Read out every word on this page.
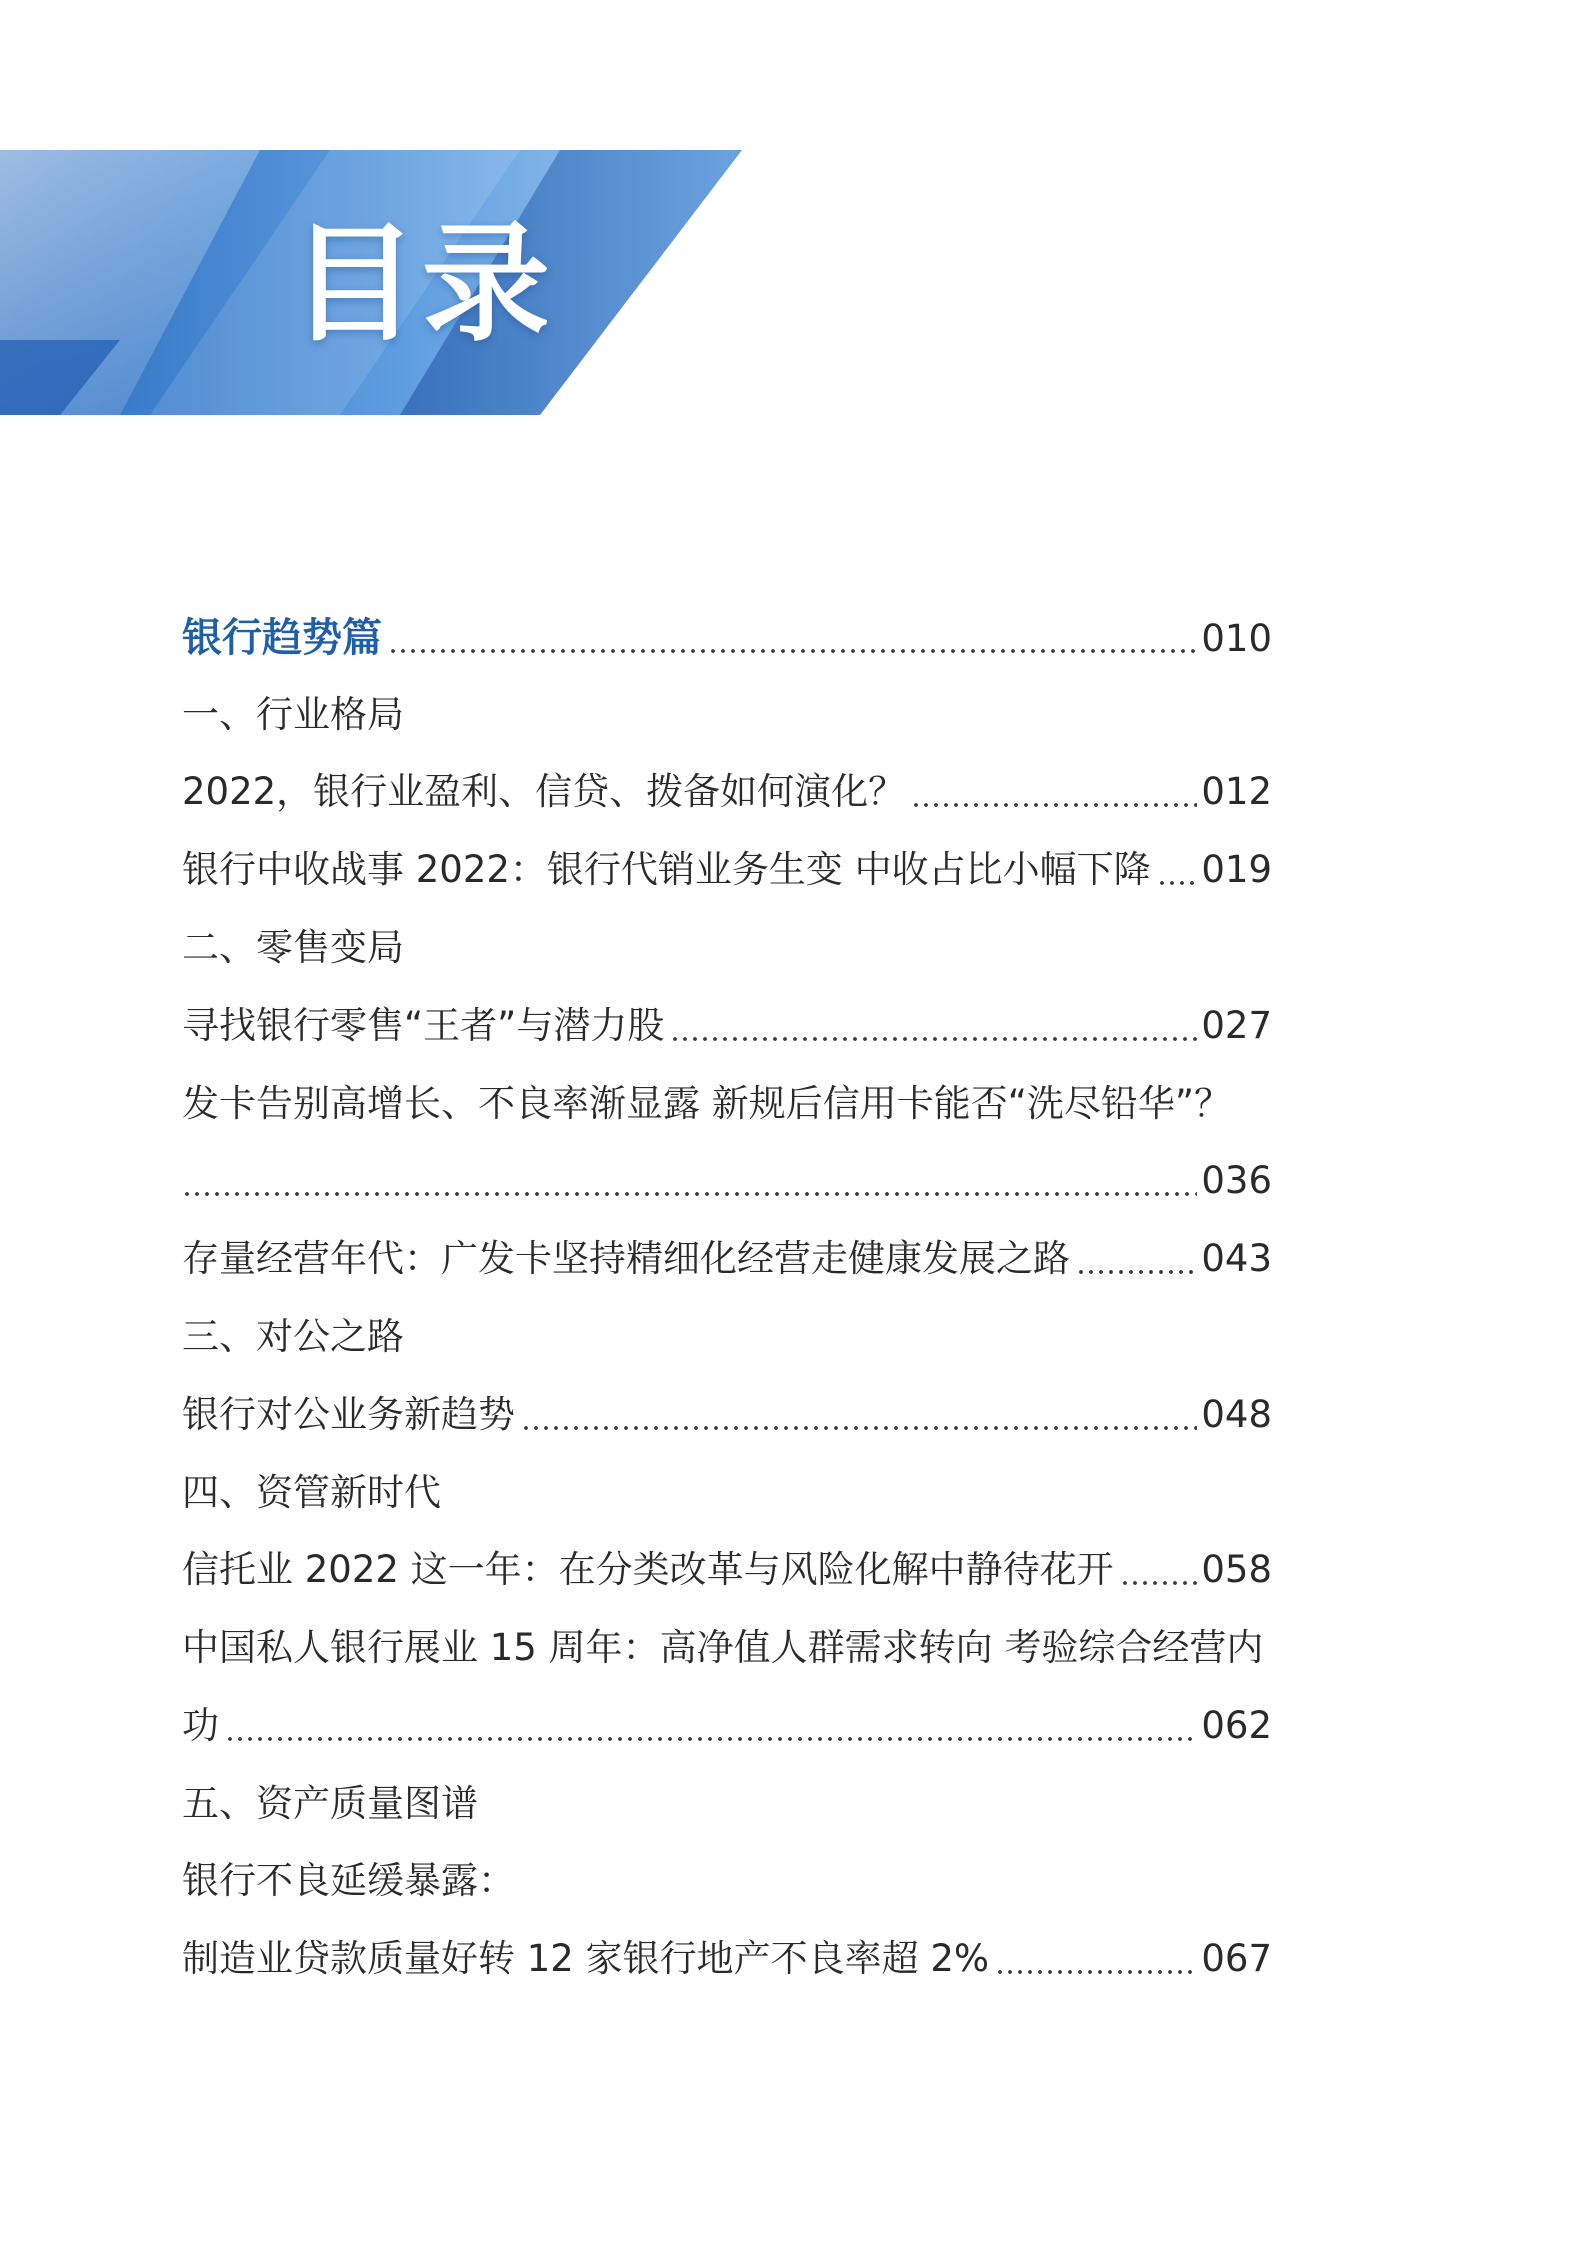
目录
银行趋势篇	010
一、行业格局
2022，银行业盈利、信贷、拨备如何演化？	012
银行中收战事 2022：银行代销业务生变 中收占比小幅下降 019
二、零售变局
寻找银行零售“王者”与潜力股	027
发卡告别高增长、不良率渐显露 新规后信用卡能否“洗尽铅华”？
036
存量经营年代：广发卡坚持精细化经营走健康发展之路	043
三、对公之路
银行对公业务新趋势	048
四、资管新时代
信托业 2022 这一年：在分类改革与风险化解中静待花开 058
中国私人银行展业 15 周年：高净值人群需求转向 考验综合经营内
功	062
五、资产质量图谱
银行不良延缓暴露：
制造业贷款质量好转 12 家银行地产不良率超 2%	067
